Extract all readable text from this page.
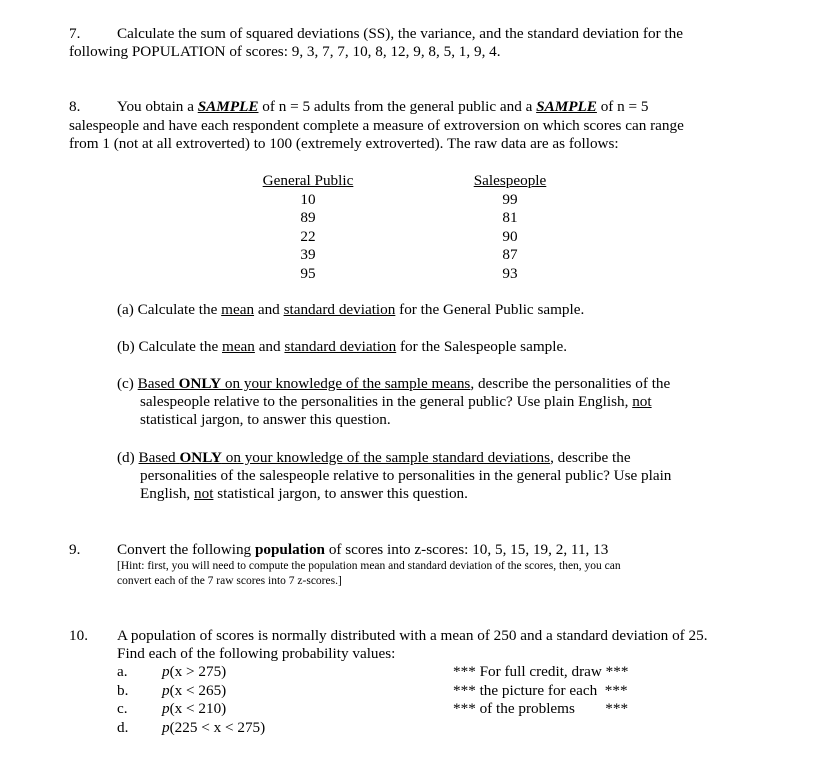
7. Calculate the sum of squared deviations (SS), the variance, and the standard deviation for the
following POPULATION of scores: 9, 3, 7, 7, 10, 8, 12, 9, 8, 5, 1, 9, 4.
8. You obtain a SAMPLE of n = 5 adults from the general public and a SAMPLE of n = 5
salespeople and have each respondent complete a measure of extroversion on which scores can range
from 1 (not at all extroverted) to 100 (extremely extroverted). The raw data are as follows:
General Public
10
89
22
39
95
Salespeople
99
81
90
87
93
(a) Calculate the mean and standard deviation for the General Public sample.
(b) Calculate the mean and standard deviation for the Salespeople sample.
(c) Based ONLY on your knowledge of the sample means, describe the personalities of the
salespeople relative to the personalities in the general public? Use plain English, not
statistical jargon, to answer this question.
(d) Based ONLY on your knowledge of the sample standard deviations, describe the
personalities of the salespeople relative to personalities in the general public? Use plain
English, not statistical jargon, to answer this question.
9. Convert the following population of scores into z-scores: 10, 5, 15, 19, 2, 11, 13
[Hint: first, you will need to compute the population mean and standard deviation of the scores, then, you can
convert each of the 7 raw scores into 7 z-scores.]
10. A population of scores is normally distributed with a mean of 250 and a standard deviation of 25.
Find each of the following probability values:
a. p(x > 275)
b. p(x < 265)
c. p(x < 210)
d. p(225 < x < 275)
*** For full credit, draw ***
*** the picture for each  ***
*** of the problems        ***
